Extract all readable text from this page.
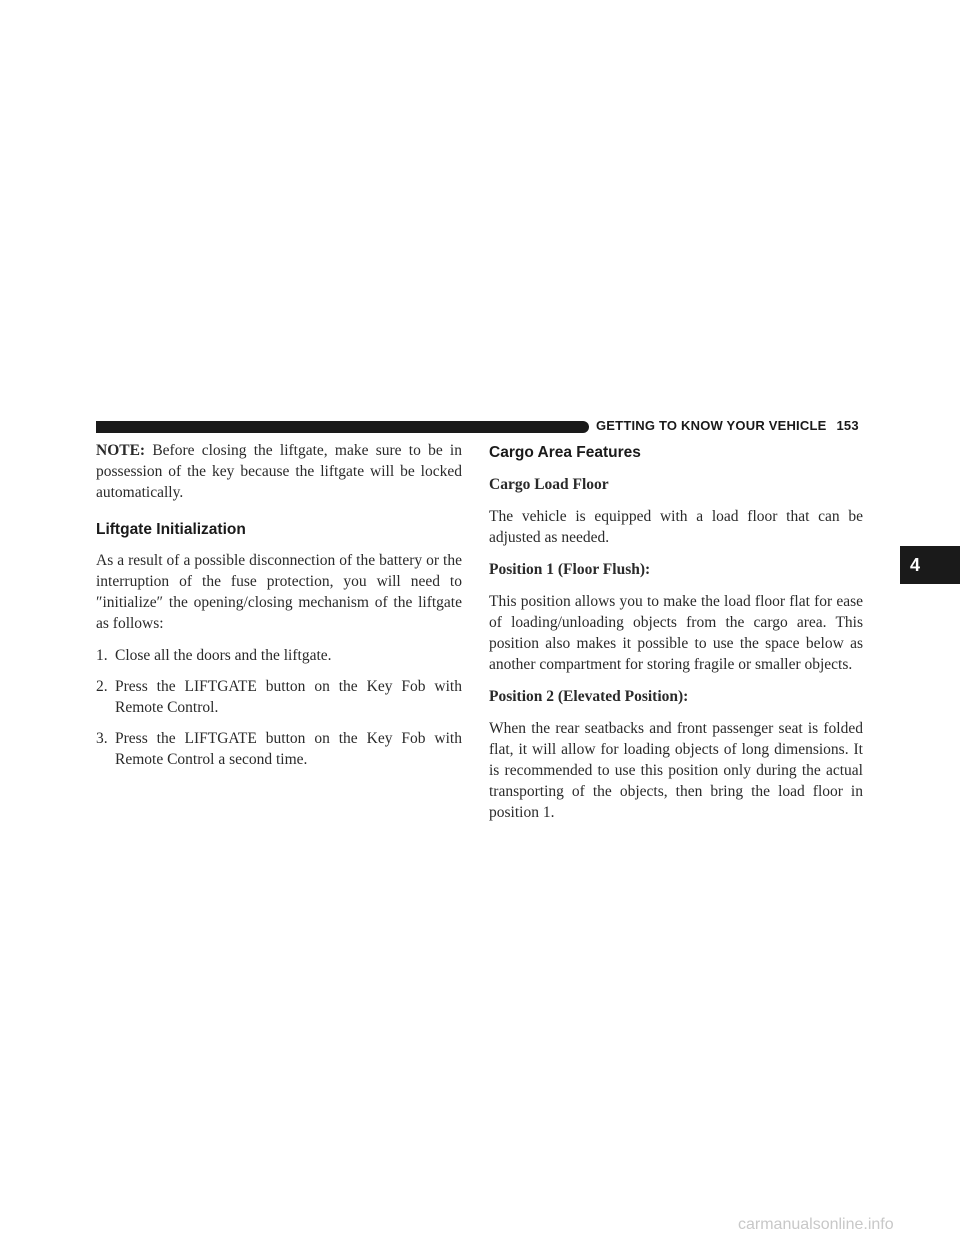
GETTING TO KNOW YOUR VEHICLE 153
4

NOTE: Before closing the liftgate, make sure to be in possession of the key because the liftgate will be locked automatically.

Liftgate Initialization

As a result of a possible disconnection of the battery or the interruption of the fuse protection, you will need to ″initialize″ the opening/closing mechanism of the liftgate as follows:

1. Close all the doors and the liftgate.
2. Press the LIFTGATE button on the Key Fob with Remote Control.
3. Press the LIFTGATE button on the Key Fob with Remote Control a second time.
Cargo Area Features
Cargo Load Floor

The vehicle is equipped with a load floor that can be adjusted as needed.

Position 1 (Floor Flush):

This position allows you to make the load floor flat for ease of loading/unloading objects from the cargo area. This position also makes it possible to use the space below as another compartment for storing fragile or smaller objects.

Position 2 (Elevated Position):

When the rear seatbacks and front passenger seat is folded flat, it will allow for loading objects of long dimensions. It is recommended to use this position only during the actual transporting of the objects, then bring the load floor in position 1.

carmanualsonline.info
